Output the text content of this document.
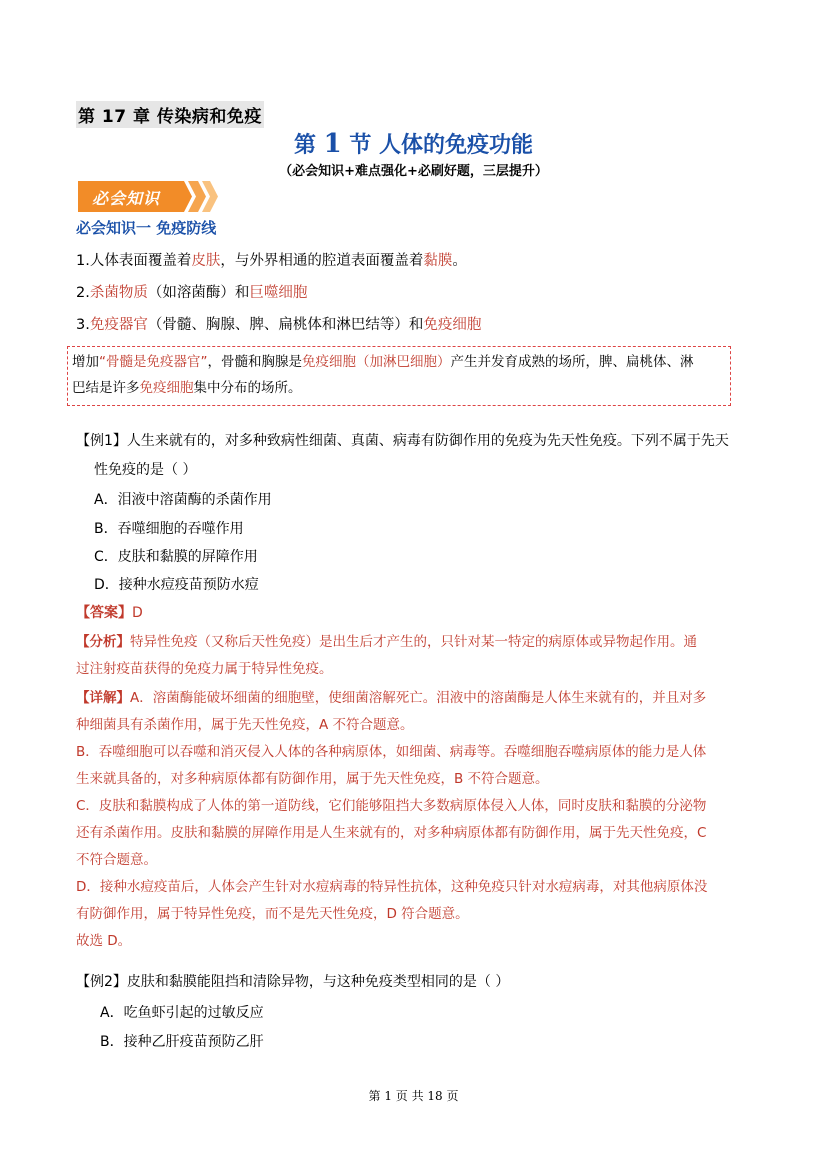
第 17 章 传染病和免疫
第 1 节 人体的免疫功能
（必会知识+难点强化+必刷好题，三层提升）
必会知识
必会知识一 免疫防线
1.人体表面覆盖着皮肤，与外界相通的腔道表面覆盖着黏膜。
2.杀菌物质（如溶菌酶）和巨噬细胞
3.免疫器官（骨髓、胸腺、脾、扁桃体和淋巴结等）和免疫细胞
增加“骨髓是免疫器官”，骨髓和胸腺是免疫细胞（加淋巴细胞）产生并发育成熟的场所，脾、扁桃体、淋
巴结是许多免疫细胞集中分布的场所。
【例1】人生来就有的，对多种致病性细菌、真菌、病毒有防御作用的免疫为先天性免疫。下列不属于先天
性免疫的是（ ）
A．泪液中溶菌酶的杀菌作用
B．吞噬细胞的吞噬作用
C．皮肤和黏膜的屏障作用
D．接种水痘疫苗预防水痘
【答案】D
【分析】特异性免疫（又称后天性免疫）是出生后才产生的，只针对某一特定的病原体或异物起作用。通
过注射疫苗获得的免疫力属于特异性免疫。
【详解】A．溶菌酶能破坏细菌的细胞壁，使细菌溶解死亡。泪液中的溶菌酶是人体生来就有的，并且对多
种细菌具有杀菌作用，属于先天性免疫，A 不符合题意。
B．吞噬细胞可以吞噬和消灭侵入人体的各种病原体，如细菌、病毒等。吞噬细胞吞噬病原体的能力是人体
生来就具备的，对多种病原体都有防御作用，属于先天性免疫，B 不符合题意。
C．皮肤和黏膜构成了人体的第一道防线，它们能够阻挡大多数病原体侵入人体，同时皮肤和黏膜的分泌物
还有杀菌作用。皮肤和黏膜的屏障作用是人生来就有的，对多种病原体都有防御作用，属于先天性免疫，C
不符合题意。
D．接种水痘疫苗后，人体会产生针对水痘病毒的特异性抗体，这种免疫只针对水痘病毒，对其他病原体没
有防御作用，属于特异性免疫，而不是先天性免疫，D 符合题意。
故选 D。
【例2】皮肤和黏膜能阻挡和清除异物，与这种免疫类型相同的是（ ）
A．吃鱼虾引起的过敏反应
B．接种乙肝疫苗预防乙肝
第 1 页 共 18 页
